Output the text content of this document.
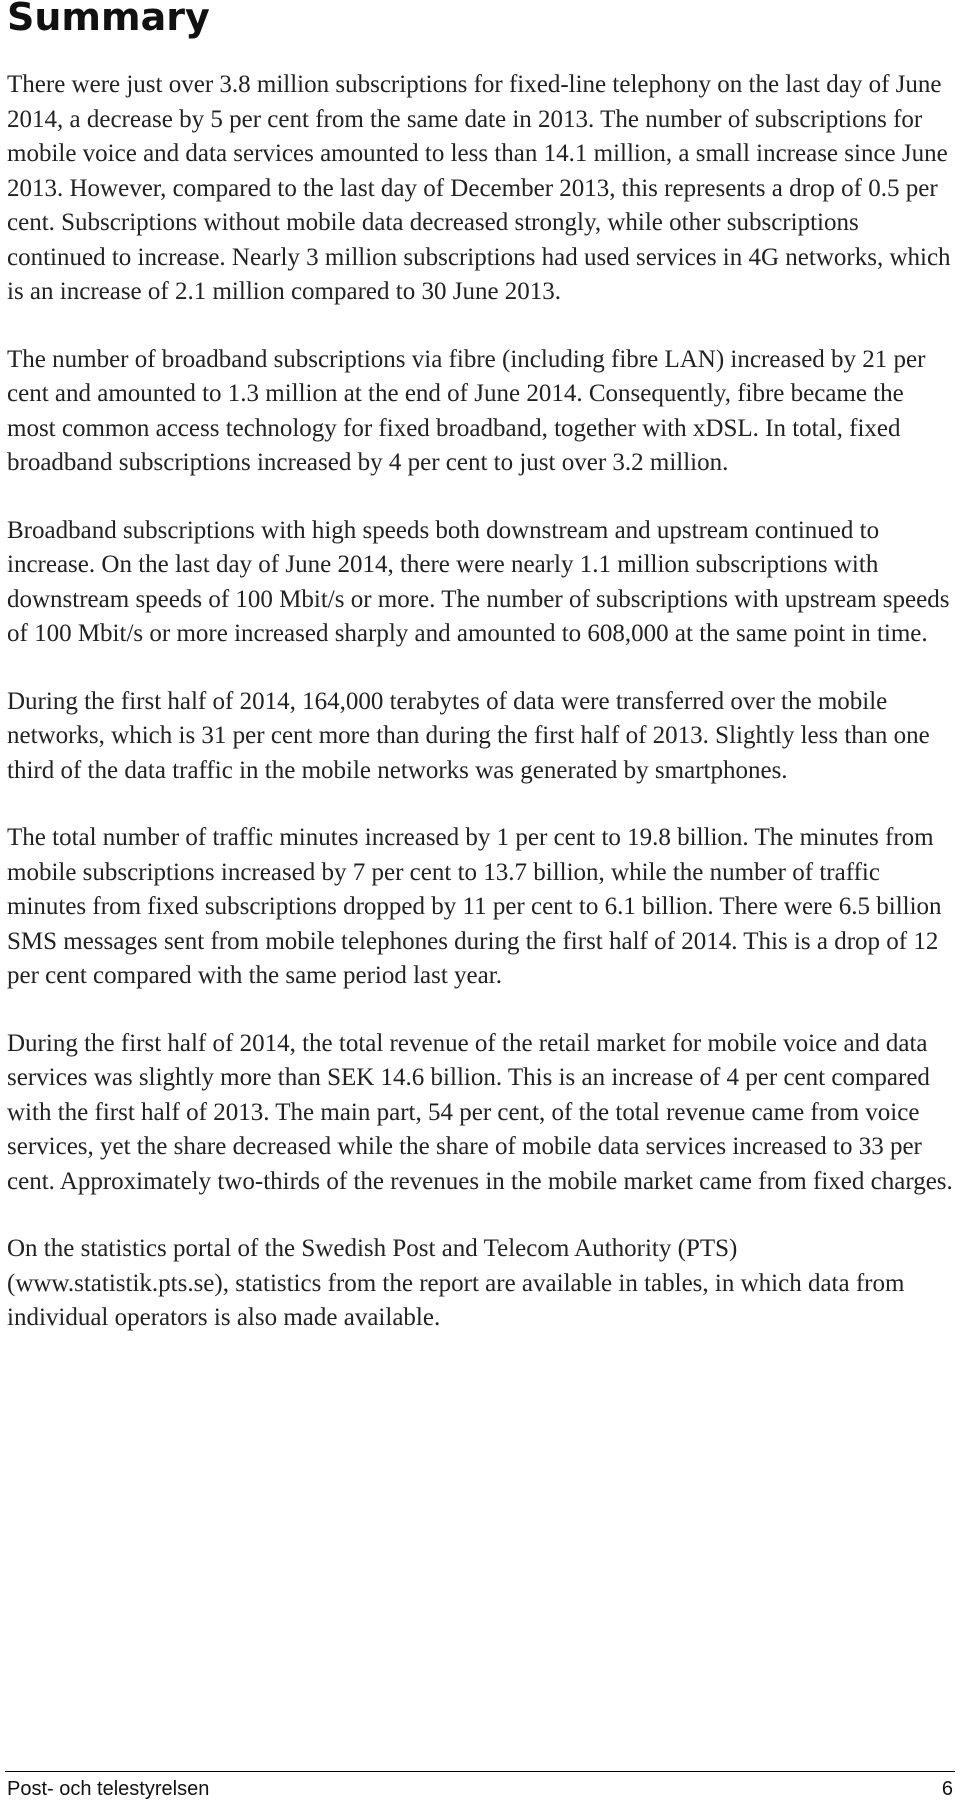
Summary

There were just over 3.8 million subscriptions for fixed-line telephony on the last day of June 2014, a decrease by 5 per cent from the same date in 2013. The number of subscriptions for mobile voice and data services amounted to less than 14.1 million, a small increase since June 2013. However, compared to the last day of December 2013, this represents a drop of 0.5 per cent. Subscriptions without mobile data decreased strongly, while other subscriptions continued to increase. Nearly 3 million subscriptions had used services in 4G networks, which is an increase of 2.1 million compared to 30 June 2013.

The number of broadband subscriptions via fibre (including fibre LAN) increased by 21 per cent and amounted to 1.3 million at the end of June 2014. Consequently, fibre became the most common access technology for fixed broadband, together with xDSL. In total, fixed broadband subscriptions increased by 4 per cent to just over 3.2 million.

Broadband subscriptions with high speeds both downstream and upstream continued to increase. On the last day of June 2014, there were nearly 1.1 million subscriptions with downstream speeds of 100 Mbit/s or more. The number of subscriptions with upstream speeds of 100 Mbit/s or more increased sharply and amounted to 608,000 at the same point in time.

During the first half of 2014, 164,000 terabytes of data were transferred over the mobile networks, which is 31 per cent more than during the first half of 2013. Slightly less than one third of the data traffic in the mobile networks was generated by smartphones.

The total number of traffic minutes increased by 1 per cent to 19.8 billion. The minutes from mobile subscriptions increased by 7 per cent to 13.7 billion, while the number of traffic minutes from fixed subscriptions dropped by 11 per cent to 6.1 billion. There were 6.5 billion SMS messages sent from mobile telephones during the first half of 2014. This is a drop of 12 per cent compared with the same period last year.

During the first half of 2014, the total revenue of the retail market for mobile voice and data services was slightly more than SEK 14.6 billion. This is an increase of 4 per cent compared with the first half of 2013. The main part, 54 per cent, of the total revenue came from voice services, yet the share decreased while the share of mobile data services increased to 33 per cent. Approximately two-thirds of the revenues in the mobile market came from fixed charges.

On the statistics portal of the Swedish Post and Telecom Authority (PTS) (www.statistik.pts.se), statistics from the report are available in tables, in which data from individual operators is also made available.

Post- och telestyrelsen	6
